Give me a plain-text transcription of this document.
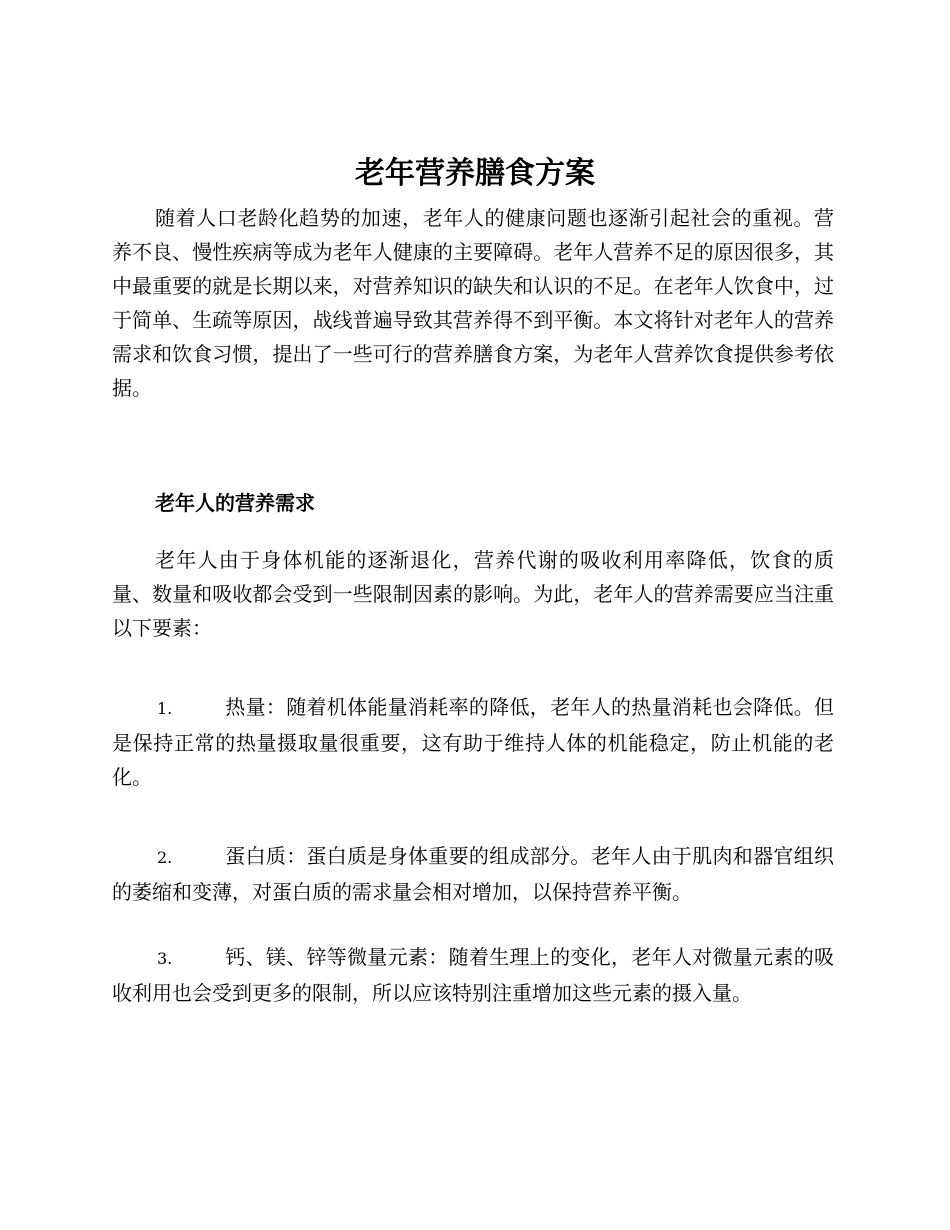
老年营养膳食方案

随着人口老龄化趋势的加速，老年人的健康问题也逐渐引起社会的重视。营养不良、慢性疾病等成为老年人健康的主要障碍。老年人营养不足的原因很多，其中最重要的就是长期以来，对营养知识的缺失和认识的不足。在老年人饮食中，过于简单、生疏等原因，战线普遍导致其营养得不到平衡。本文将针对老年人的营养需求和饮食习惯，提出了一些可行的营养膳食方案，为老年人营养饮食提供参考依据。

老年人的营养需求

老年人由于身体机能的逐渐退化，营养代谢的吸收利用率降低，饮食的质量、数量和吸收都会受到一些限制因素的影响。为此，老年人的营养需要应当注重以下要素：

1.	热量：随着机体能量消耗率的降低，老年人的热量消耗也会降低。但是保持正常的热量摄取量很重要，这有助于维持人体的机能稳定，防止机能的老化。

2.	蛋白质：蛋白质是身体重要的组成部分。老年人由于肌肉和器官组织的萎缩和变薄，对蛋白质的需求量会相对增加，以保持营养平衡。

3.	钙、镁、锌等微量元素：随着生理上的变化，老年人对微量元素的吸收利用也会受到更多的限制，所以应该特别注重增加这些元素的摄入量。
